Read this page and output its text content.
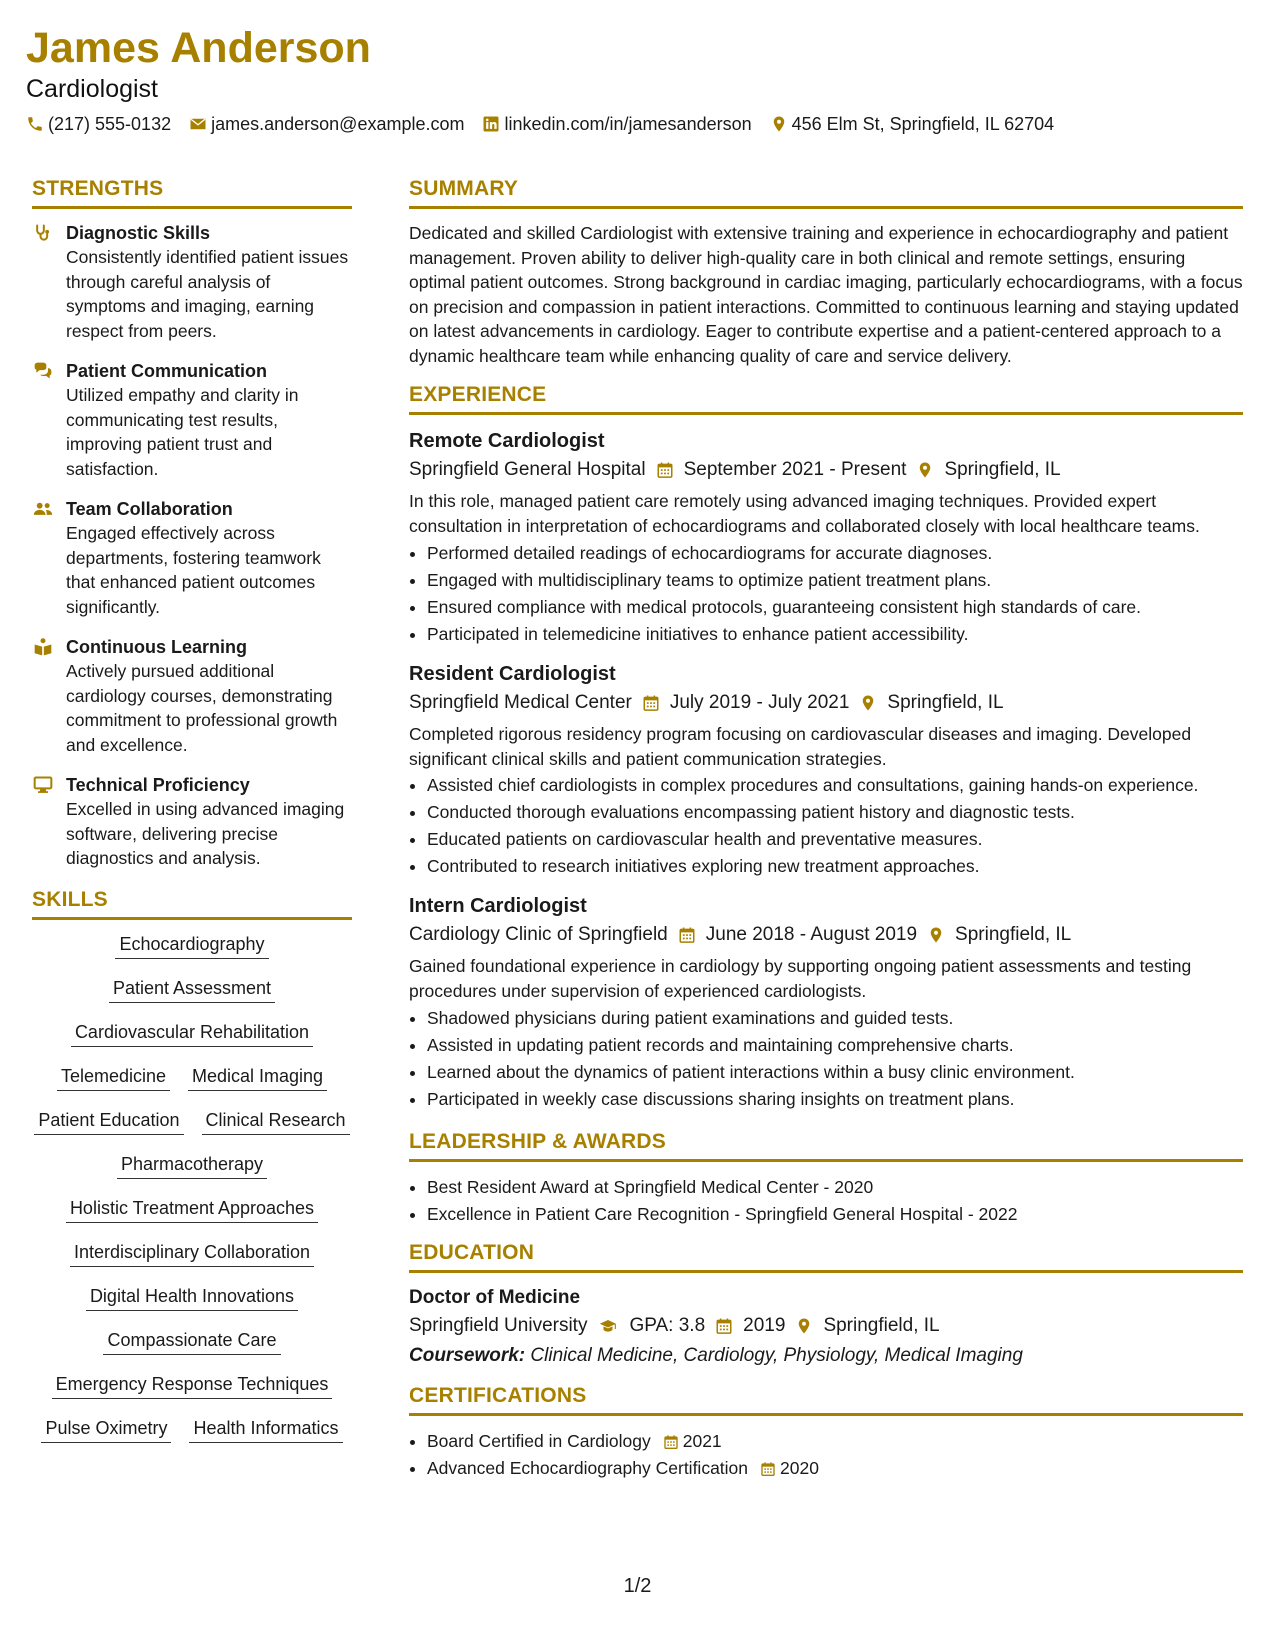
James Anderson
Cardiologist
(217) 555-0132 james.anderson@example.com linkedin.com/in/jamesanderson 456 Elm St, Springfield, IL 62704
STRENGTHS
Diagnostic Skills
Consistently identified patient issues through careful analysis of symptoms and imaging, earning respect from peers.
Patient Communication
Utilized empathy and clarity in communicating test results, improving patient trust and satisfaction.
Team Collaboration
Engaged effectively across departments, fostering teamwork that enhanced patient outcomes significantly.
Continuous Learning
Actively pursued additional cardiology courses, demonstrating commitment to professional growth and excellence.
Technical Proficiency
Excelled in using advanced imaging software, delivering precise diagnostics and analysis.
SKILLS
Echocardiography
Patient Assessment
Cardiovascular Rehabilitation
Telemedicine Medical Imaging
Patient Education Clinical Research
Pharmacotherapy
Holistic Treatment Approaches
Interdisciplinary Collaboration
Digital Health Innovations
Compassionate Care
Emergency Response Techniques
Pulse Oximetry Health Informatics
SUMMARY

Dedicated and skilled Cardiologist with extensive training and experience in echocardiography and patient management. Proven ability to deliver high-quality care in both clinical and remote settings, ensuring optimal patient outcomes. Strong background in cardiac imaging, particularly echocardiograms, with a focus on precision and compassion in patient interactions. Committed to continuous learning and staying updated on latest advancements in cardiology. Eager to contribute expertise and a patient-centered approach to a dynamic healthcare team while enhancing quality of care and service delivery.

EXPERIENCE
Remote Cardiologist
Springfield General Hospital September 2021 - Present Springfield, IL
In this role, managed patient care remotely using advanced imaging techniques. Provided expert consultation in interpretation of echocardiograms and collaborated closely with local healthcare teams.
• Performed detailed readings of echocardiograms for accurate diagnoses.
• Engaged with multidisciplinary teams to optimize patient treatment plans.
• Ensured compliance with medical protocols, guaranteeing consistent high standards of care.
• Participated in telemedicine initiatives to enhance patient accessibility.
Resident Cardiologist
Springfield Medical Center July 2019 - July 2021 Springfield, IL
Completed rigorous residency program focusing on cardiovascular diseases and imaging. Developed significant clinical skills and patient communication strategies.
• Assisted chief cardiologists in complex procedures and consultations, gaining hands-on experience.
• Conducted thorough evaluations encompassing patient history and diagnostic tests.
• Educated patients on cardiovascular health and preventative measures.
• Contributed to research initiatives exploring new treatment approaches.
Intern Cardiologist
Cardiology Clinic of Springfield June 2018 - August 2019 Springfield, IL
Gained foundational experience in cardiology by supporting ongoing patient assessments and testing procedures under supervision of experienced cardiologists.
• Shadowed physicians during patient examinations and guided tests.
• Assisted in updating patient records and maintaining comprehensive charts.
• Learned about the dynamics of patient interactions within a busy clinic environment.
• Participated in weekly case discussions sharing insights on treatment plans.
LEADERSHIP & AWARDS
• Best Resident Award at Springfield Medical Center - 2020
• Excellence in Patient Care Recognition - Springfield General Hospital - 2022
EDUCATION
Doctor of Medicine
Springfield University GPA: 3.8 2019 Springfield, IL
Coursework: Clinical Medicine, Cardiology, Physiology, Medical Imaging
CERTIFICATIONS
• Board Certified in Cardiology 2021
• Advanced Echocardiography Certification 2020
1/2
